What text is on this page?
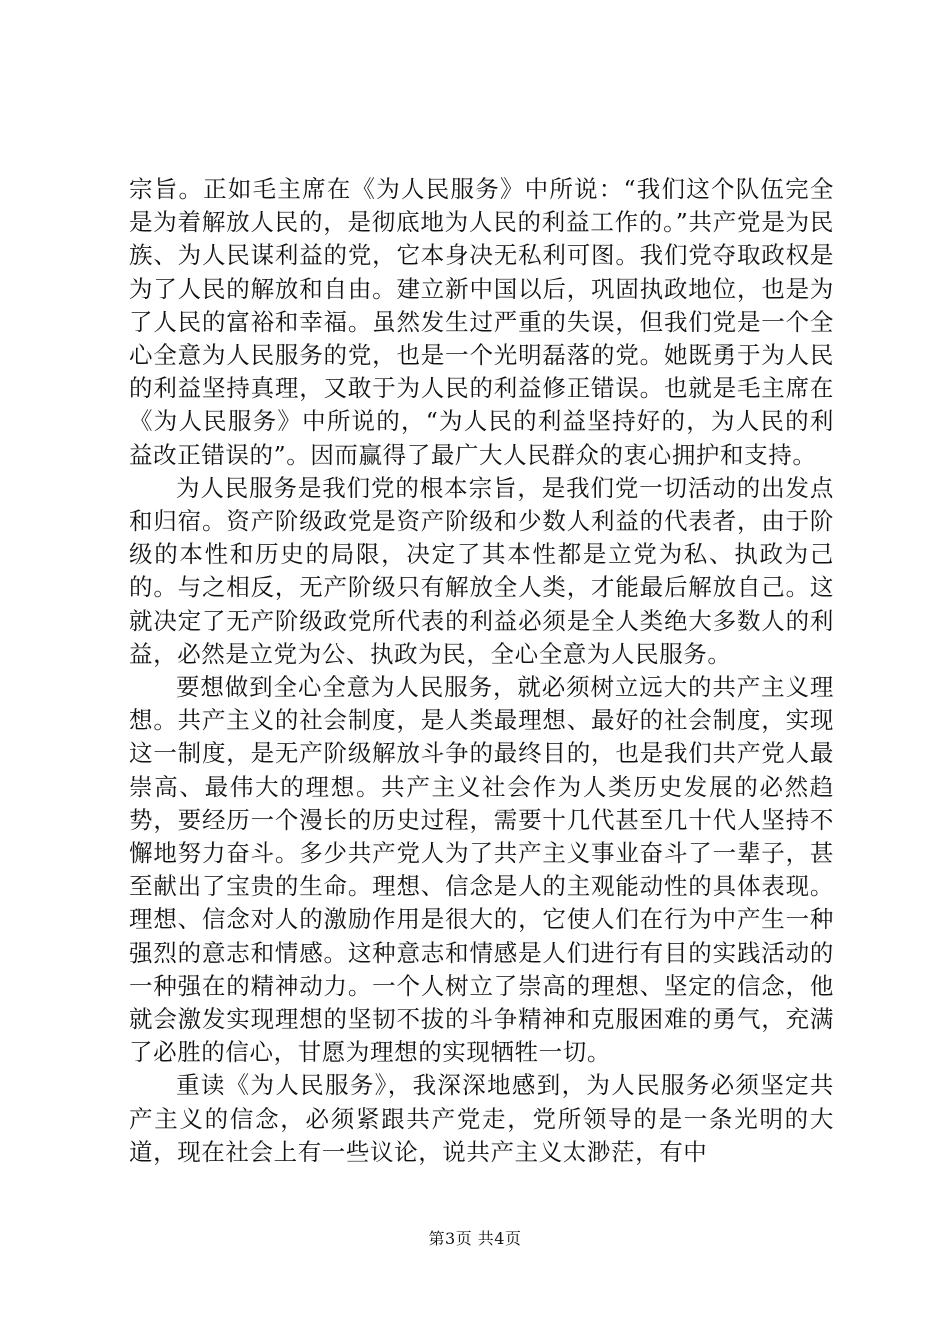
宗旨。正如毛主席在《为人民服务》中所说：“我们这个队伍完全是为着解放人民的，是彻底地为人民的利益工作的。”共产党是为民族、为人民谋利益的党，它本身决无私利可图。我们党夺取政权是为了人民的解放和自由。建立新中国以后，巩固执政地位，也是为了人民的富裕和幸福。虽然发生过严重的失误，但我们党是一个全心全意为人民服务的党，也是一个光明磊落的党。她既勇于为人民的利益坚持真理，又敢于为人民的利益修正错误。也就是毛主席在《为人民服务》中所说的，“为人民的利益坚持好的，为人民的利益改正错误的”。因而赢得了最广大人民群众的衷心拥护和支持。

为人民服务是我们党的根本宗旨，是我们党一切活动的出发点和归宿。资产阶级政党是资产阶级和少数人利益的代表者，由于阶级的本性和历史的局限，决定了其本性都是立党为私、执政为己的。与之相反，无产阶级只有解放全人类，才能最后解放自己。这就决定了无产阶级政党所代表的利益必须是全人类绝大多数人的利益，必然是立党为公、执政为民，全心全意为人民服务。

要想做到全心全意为人民服务，就必须树立远大的共产主义理想。共产主义的社会制度，是人类最理想、最好的社会制度，实现这一制度，是无产阶级解放斗争的最终目的，也是我们共产党人最崇高、最伟大的理想。共产主义社会作为人类历史发展的必然趋势，要经历一个漫长的历史过程，需要十几代甚至几十代人坚持不懈地努力奋斗。多少共产党人为了共产主义事业奋斗了一辈子，甚至献出了宝贵的生命。理想、信念是人的主观能动性的具体表现。理想、信念对人的激励作用是很大的，它使人们在行为中产生一种强烈的意志和情感。这种意志和情感是人们进行有目的实践活动的一种强在的精神动力。一个人树立了崇高的理想、坚定的信念，他就会激发实现理想的坚韧不拔的斗争精神和克服困难的勇气，充满了必胜的信心，甘愿为理想的实现牺牲一切。

重读《为人民服务》，我深深地感到，为人民服务必须坚定共产主义的信念，必须紧跟共产党走，党所领导的是一条光明的大道，现在社会上有一些议论，说共产主义太渺茫，有中

第3页 共4页
